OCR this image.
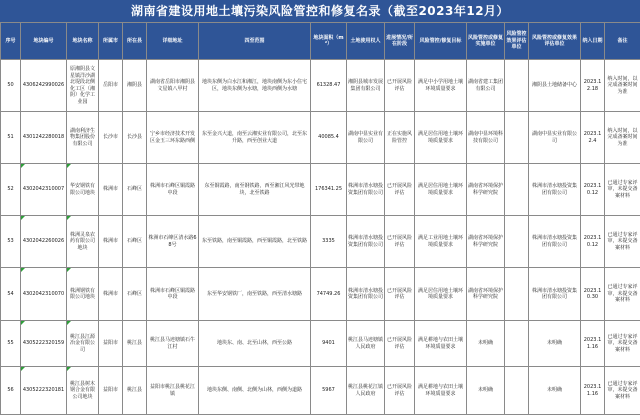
湖南省建设用地土壤污染风险管控和修复名录（截至2023年12月）
序号	地块编号	地块名称	所属市	所在县	详细地址	四至范围	地块面积（m²）	土地使用权人	进展情况/所在阶段	风险管控/修复目标	风险管控或修复实施单位	风险管控效果评估单位	风险管控或修复效果评估单位	纳入日期	备注
50	4306242990026	原湘阴县文星镇洋沙湖北堤段北侧化工区（湘阴）化学工业园	岳阳市	湘阴县	湖南省岳阳市湘阴县文星镇八甲村	地块东侧为白水江和湘江，地块南侧为东小住宅区，地块东侧为水塘，地块西侧为水塘	61328.47	湘阴县城市发展集团有限公司	已开展风险评估	满足中小学用地土壤环境质量要求	湖南省建工集团有限公司		湘阴县土地储备中心	2023.12.18	纳入时间，以完成备案时间为准
51	4301242280018	湖南利济生物集团股份有限公司	长沙市	长沙县	宁乡市经济技术开发区金玉三环东路西侧	东至金兴大道，南至云湘实业有限公司，北至东升路，西至创业大道	40085.4	湖南中显实业有限公司	正在实施风险管控	满足居住用地土壤环境质量要求	湖南中显环境科技有限公司		湖南中显实业有限公司	2023.12.4	纳入时间，以完成备案时间为准
52	4302042310007	华安钢铁有限公司地块	株洲市	石峰区	株洲市石峰区铜霞路中段	东至铜霞路，南至钢铁路，西至湘江风光带地块，北至铁路	176341.25	株洲市清水塘投资集团有限公司	已开展风险评估	满足居住用地土壤环境质量要求	湖南省环境保护科学研究院		株洲市清水塘投资集团有限公司	2023.10.12	已通过专家评审，未提交备案材料
53	4302042260026	株洲灵泉农药有限公司地块	株洲市	石峰区	株洲市石峰区清水路68号	东至铁路，南至铜霞路，西至铜霞路，北至铁路	3335	株洲市清水塘投资集团有限公司	已开展风险评估	满足工业用地土壤环境质量要求	湖南省环境保护科学研究院		株洲市清水塘投资集团有限公司	2023.10.12	已通过专家评审，未提交备案材料
54	4302042310070	株洲钢铁有限公司地块	株洲市	石峰区	株洲市石峰区铜霞路中段	东至华安钢铁厂，南至铁路，西至清水塘路	74749.26	株洲市清水塘投资集团有限公司	已开展风险评估	满足居住用地土壤环境质量要求	湖南省环境保护科学研究院		株洲市清水塘投资集团有限公司	2023.10.30	已通过专家评审，未提交备案材料
55	4305222320159	桃江县江源冶金有限公司	益阳市	桃江县	桃江县马迹塘镇石牛江村	地块东、南、北至山林，西至公路	9401	桃江县马迹塘镇人民政府	已开展风险评估	满足耕地与农田土壤环境质量要求	未明确		未明确	2023.11.16	已通过专家评审，未提交备案材料
56	4305222320181	桃江县树木钢合金有限公司地块	益阳市	桃江县	益阳市桃江县桃花江镇	地块东侧、南侧、北侧为山林，西侧为道路	5967	桃江县桃花江镇人民政府	已开展风险评估	满足耕地与农田土壤环境质量要求	未明确		未明确	2023.11.16	已通过专家评审，未提交备案材料
